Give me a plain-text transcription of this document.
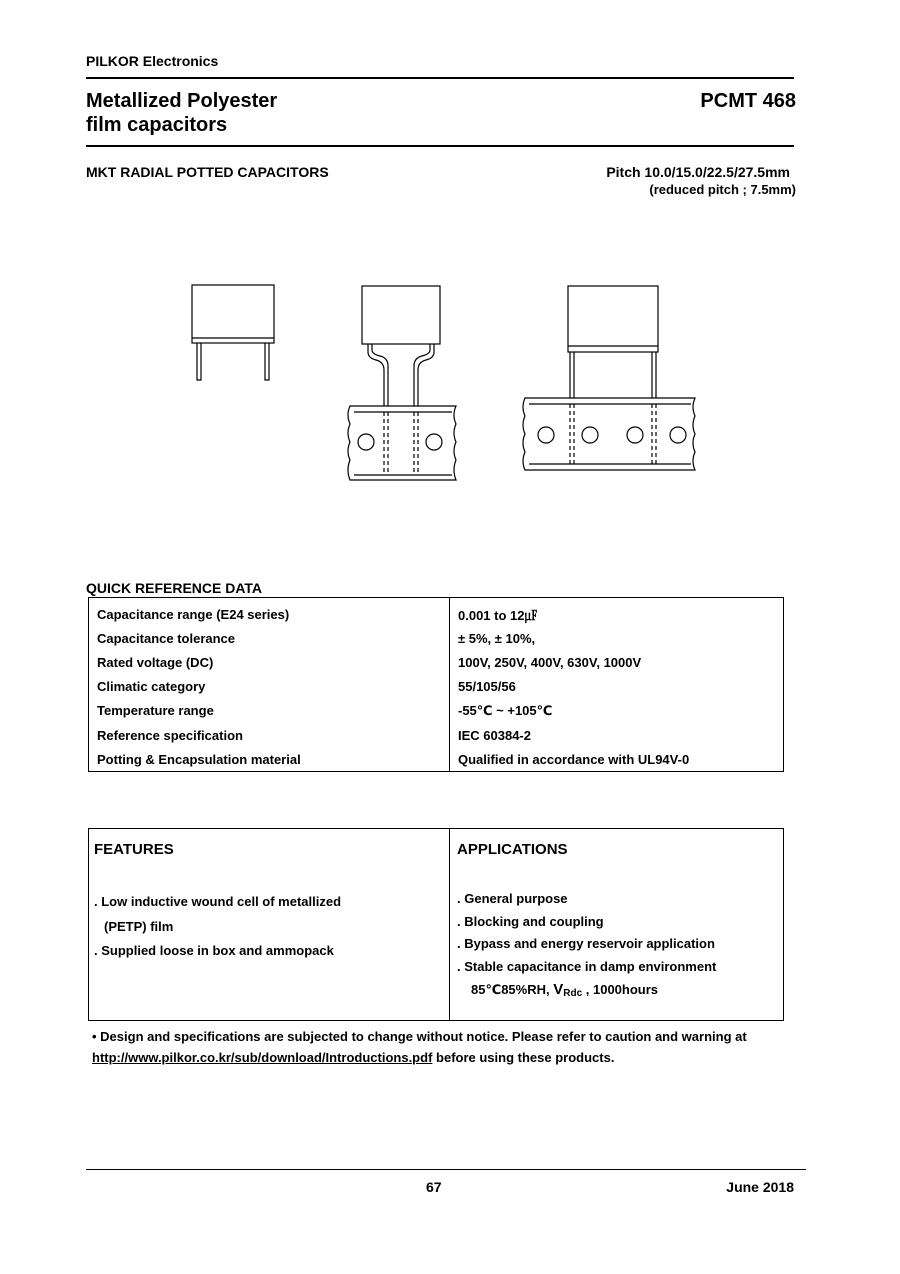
PILKOR Electronics
Metallized Polyester
film capacitors
PCMT 468
MKT RADIAL POTTED CAPACITORS	Pitch 10.0/15.0/22.5/27.5mm
(reduced pitch ; 7.5mm)
QUICK REFERENCE DATA
Capacitance range (E24 series)	0.001 to 12㎌
Capacitance tolerance	± 5%, ± 10%,
Rated voltage (DC)	100V, 250V, 400V, 630V, 1000V
Climatic category	55/105/56
Temperature range	-55℃ ~ +105℃
Reference specification	IEC 60384-2
Potting & Encapsulation material	Qualified in accordance with UL94V-0
FEATURES
. Low inductive wound cell of metallized
(PETP) film
. Supplied loose in box and ammopack
APPLICATIONS
. General purpose
. Blocking and coupling
. Bypass and energy reservoir application
. Stable capacitance in damp environment
85℃85%RH, VRdc , 1000hours
• Design and specifications are subjected to change without notice. Please refer to caution and warning at
http://www.pilkor.co.kr/sub/download/Introductions.pdf before using these products.
67	June 2018
